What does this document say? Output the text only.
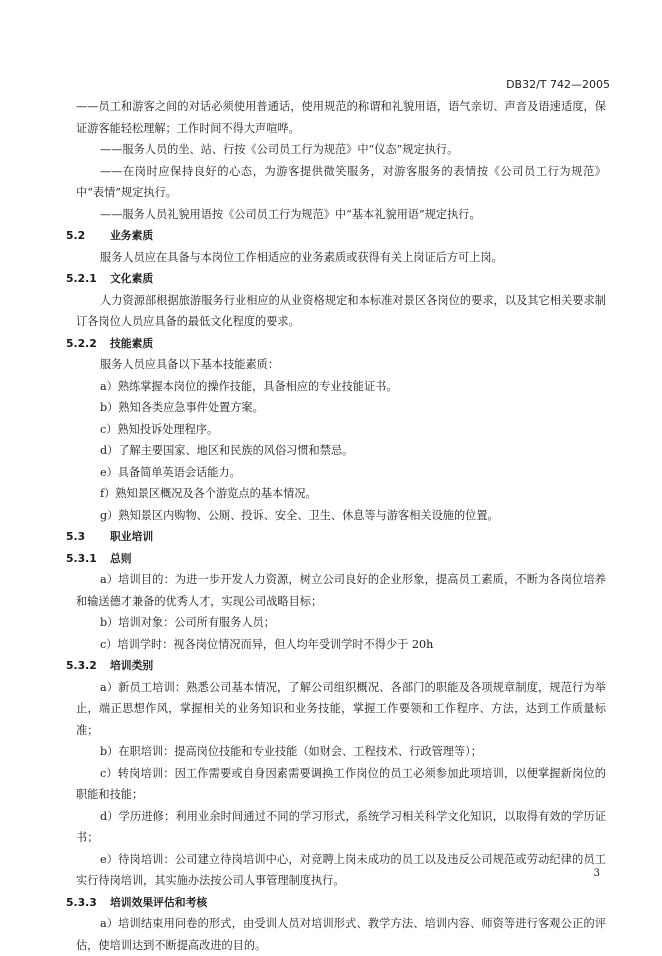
DB32/T 742—2005

——员工和游客之间的对话必须使用普通话，使用规范的称谓和礼貌用语，语气亲切、声音及语速适度，保证游客能轻松理解；工作时间不得大声喧哗。

——服务人员的坐、站、行按《公司员工行为规范》中“仪态”规定执行。

——在岗时应保持良好的心态，为游客提供微笑服务，对游客服务的表情按《公司员工行为规范》中“表情”规定执行。

——服务人员礼貌用语按《公司员工行为规范》中“基本礼貌用语”规定执行。

5.2 业务素质

服务人员应在具备与本岗位工作相适应的业务素质或获得有关上岗证后方可上岗。

5.2.1 文化素质

人力资源部根据旅游服务行业相应的从业资格规定和本标准对景区各岗位的要求，以及其它相关要求制订各岗位人员应具备的最低文化程度的要求。

5.2.2 技能素质

服务人员应具备以下基本技能素质：

a）熟练掌握本岗位的操作技能，具备相应的专业技能证书。

b）熟知各类应急事件处置方案。

c）熟知投诉处理程序。

d）了解主要国家、地区和民族的风俗习惯和禁忌。

e）具备简单英语会话能力。

f）熟知景区概况及各个游览点的基本情况。

g）熟知景区内购物、公厕、投诉、安全、卫生、休息等与游客相关设施的位置。

5.3 职业培训

5.3.1 总则

a）培训目的：为进一步开发人力资源，树立公司良好的企业形象，提高员工素质，不断为各岗位培养和输送德才兼备的优秀人才，实现公司战略目标；

b）培训对象：公司所有服务人员；

c）培训学时：视各岗位情况而异，但人均年受训学时不得少于 20h

5.3.2 培训类别

a）新员工培训：熟悉公司基本情况，了解公司组织概况、各部门的职能及各项规章制度，规范行为举止，端正思想作风，掌握相关的业务知识和业务技能，掌握工作要领和工作程序、方法，达到工作质量标准；

b）在职培训：提高岗位技能和专业技能（如财会、工程技术、行政管理等）；

c）转岗培训：因工作需要或自身因素需要调换工作岗位的员工必须参加此项培训，以便掌握新岗位的职能和技能；

d）学历进修：利用业余时间通过不同的学习形式，系统学习相关科学文化知识，以取得有效的学历证书；

e）待岗培训：公司建立待岗培训中心，对竞聘上岗未成功的员工以及违反公司规范或劳动纪律的员工实行待岗培训，其实施办法按公司人事管理制度执行。

5.3.3 培训效果评估和考核

a）培训结束用问卷的形式，由受训人员对培训形式、教学方法、培训内容、师资等进行客观公正的评估，使培训达到不断提高改进的目的。

3
